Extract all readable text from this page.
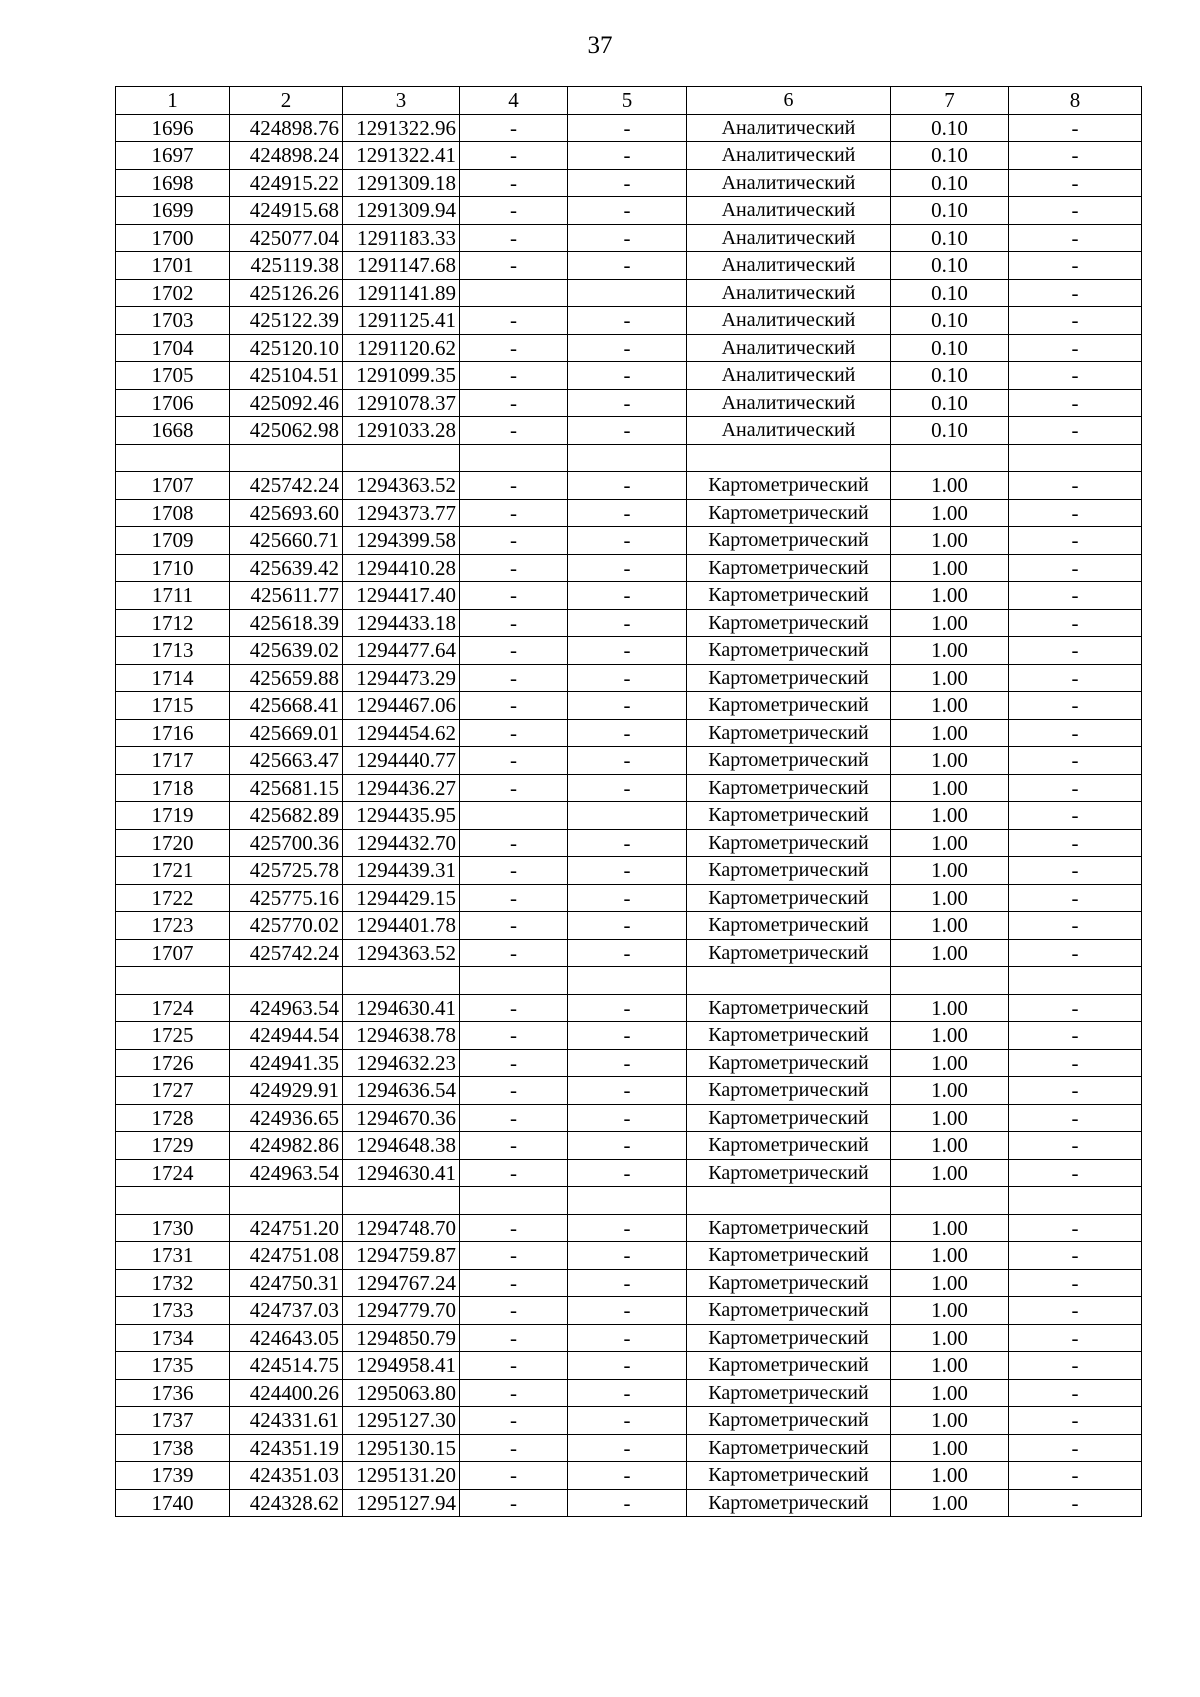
37
1	2	3	4	5	6	7	8
1696	424898.76	1291322.96	-	-	Аналитический	0.10	-
1697	424898.24	1291322.41	-	-	Аналитический	0.10	-
1698	424915.22	1291309.18	-	-	Аналитический	0.10	-
1699	424915.68	1291309.94	-	-	Аналитический	0.10	-
1700	425077.04	1291183.33	-	-	Аналитический	0.10	-
1701	425119.38	1291147.68	-	-	Аналитический	0.10	-
1702	425126.26	1291141.89			Аналитический	0.10	-
1703	425122.39	1291125.41	-	-	Аналитический	0.10	-
1704	425120.10	1291120.62	-	-	Аналитический	0.10	-
1705	425104.51	1291099.35	-	-	Аналитический	0.10	-
1706	425092.46	1291078.37	-	-	Аналитический	0.10	-
1668	425062.98	1291033.28	-	-	Аналитический	0.10	-

1707	425742.24	1294363.52	-	-	Картометрический	1.00	-
1708	425693.60	1294373.77	-	-	Картометрический	1.00	-
1709	425660.71	1294399.58	-	-	Картометрический	1.00	-
1710	425639.42	1294410.28	-	-	Картометрический	1.00	-
1711	425611.77	1294417.40	-	-	Картометрический	1.00	-
1712	425618.39	1294433.18	-	-	Картометрический	1.00	-
1713	425639.02	1294477.64	-	-	Картометрический	1.00	-
1714	425659.88	1294473.29	-	-	Картометрический	1.00	-
1715	425668.41	1294467.06	-	-	Картометрический	1.00	-
1716	425669.01	1294454.62	-	-	Картометрический	1.00	-
1717	425663.47	1294440.77	-	-	Картометрический	1.00	-
1718	425681.15	1294436.27	-	-	Картометрический	1.00	-
1719	425682.89	1294435.95			Картометрический	1.00	-
1720	425700.36	1294432.70	-	-	Картометрический	1.00	-
1721	425725.78	1294439.31	-	-	Картометрический	1.00	-
1722	425775.16	1294429.15	-	-	Картометрический	1.00	-
1723	425770.02	1294401.78	-	-	Картометрический	1.00	-
1707	425742.24	1294363.52	-	-	Картометрический	1.00	-

1724	424963.54	1294630.41	-	-	Картометрический	1.00	-
1725	424944.54	1294638.78	-	-	Картометрический	1.00	-
1726	424941.35	1294632.23	-	-	Картометрический	1.00	-
1727	424929.91	1294636.54	-	-	Картометрический	1.00	-
1728	424936.65	1294670.36	-	-	Картометрический	1.00	-
1729	424982.86	1294648.38	-	-	Картометрический	1.00	-
1724	424963.54	1294630.41	-	-	Картометрический	1.00	-

1730	424751.20	1294748.70	-	-	Картометрический	1.00	-
1731	424751.08	1294759.87	-	-	Картометрический	1.00	-
1732	424750.31	1294767.24	-	-	Картометрический	1.00	-
1733	424737.03	1294779.70	-	-	Картометрический	1.00	-
1734	424643.05	1294850.79	-	-	Картометрический	1.00	-
1735	424514.75	1294958.41	-	-	Картометрический	1.00	-
1736	424400.26	1295063.80	-	-	Картометрический	1.00	-
1737	424331.61	1295127.30	-	-	Картометрический	1.00	-
1738	424351.19	1295130.15	-	-	Картометрический	1.00	-
1739	424351.03	1295131.20	-	-	Картометрический	1.00	-
1740	424328.62	1295127.94	-	-	Картометрический	1.00	-
